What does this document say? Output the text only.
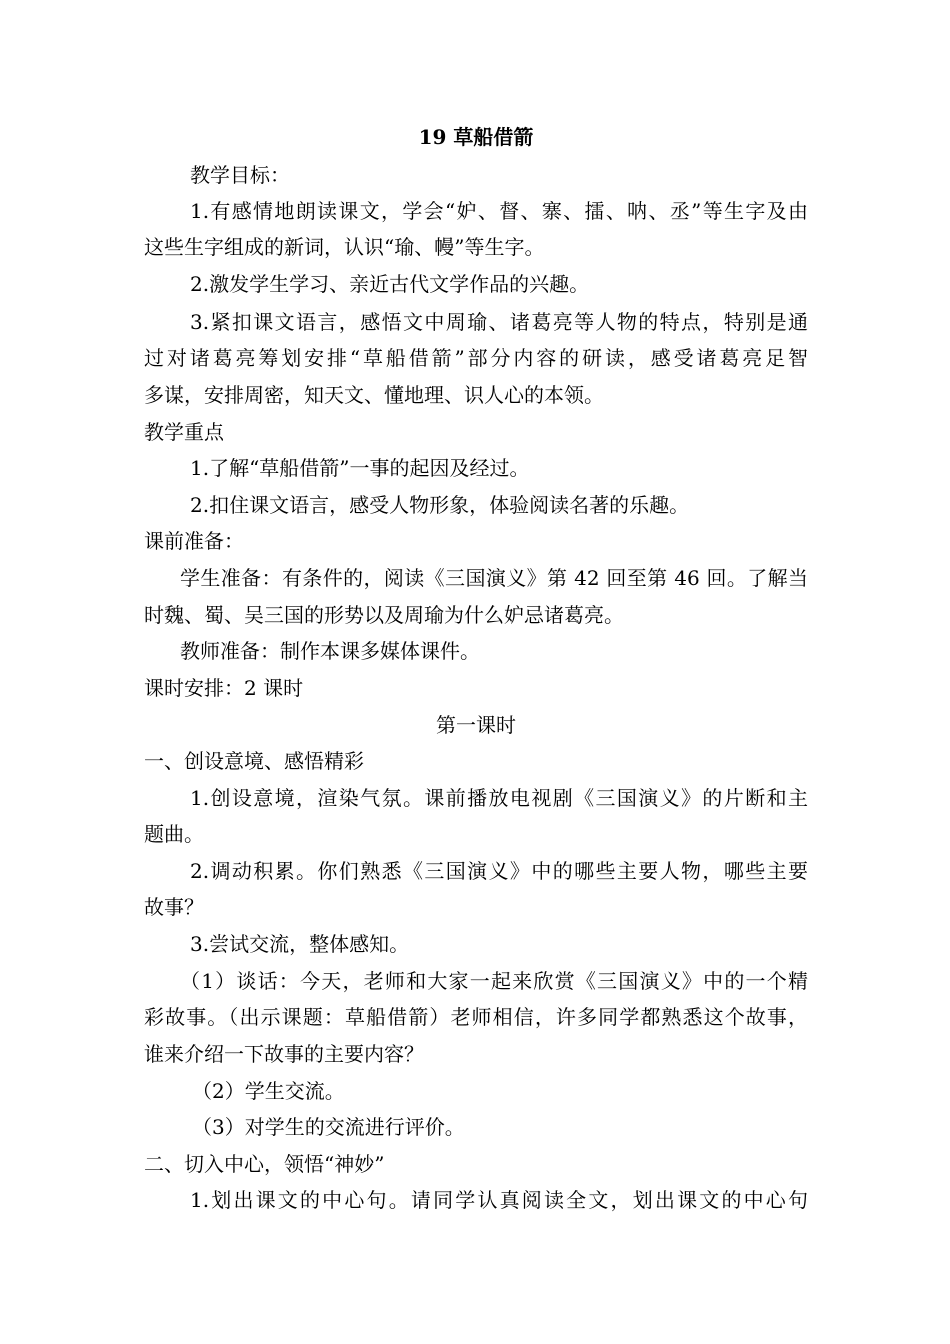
19 草船借箭
教学目标：
1.有感情地朗读课文，学会“妒、督、寨、擂、呐、丞”等生字及由
这些生字组成的新词，认识“瑜、幔”等生字。
2.激发学生学习、亲近古代文学作品的兴趣。
3.紧扣课文语言，感悟文中周瑜、诸葛亮等人物的特点，特别是通
过对诸葛亮筹划安排“草船借箭”部分内容的研读，感受诸葛亮足智
多谋，安排周密，知天文、懂地理、识人心的本领。
教学重点
1.了解“草船借箭”一事的起因及经过。
2.扣住课文语言，感受人物形象，体验阅读名著的乐趣。
课前准备：
学生准备：有条件的，阅读《三国演义》第 42 回至第 46 回。了解当
时魏、蜀、吴三国的形势以及周瑜为什么妒忌诸葛亮。
教师准备：制作本课多媒体课件。
课时安排：2 课时
第一课时
一、创设意境、感悟精彩
1.创设意境，渲染气氛。课前播放电视剧《三国演义》的片断和主
题曲。
2.调动积累。你们熟悉《三国演义》中的哪些主要人物，哪些主要
故事？
3.尝试交流，整体感知。
（1）谈话：今天，老师和大家一起来欣赏《三国演义》中的一个精
彩故事。（出示课题：草船借箭）老师相信，许多同学都熟悉这个故事，
谁来介绍一下故事的主要内容？
（2）学生交流。
（3）对学生的交流进行评价。
二、切入中心，领悟“神妙”
1.划出课文的中心句。请同学认真阅读全文，划出课文的中心句
